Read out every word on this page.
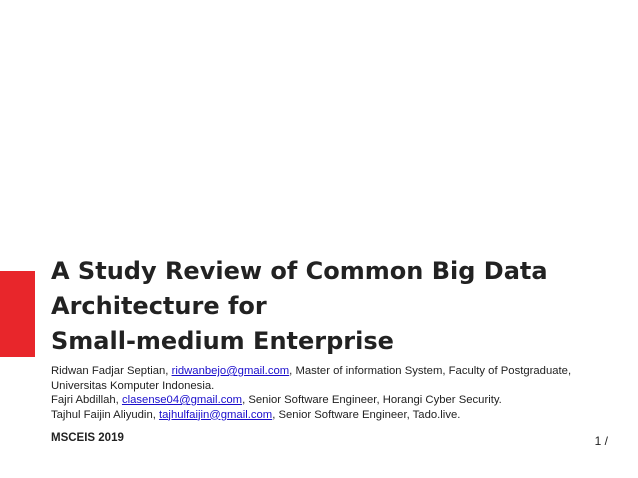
A Study Review of Common Big Data
Architecture for
Small-medium Enterprise
Ridwan Fadjar Septian, ridwanbejo@gmail.com, Master of information System, Faculty of Postgraduate,
Universitas Komputer Indonesia.
Fajri Abdillah, clasense04@gmail.com, Senior Software Engineer, Horangi Cyber Security.
Tajhul Faijin Aliyudin, tajhulfaijin@gmail.com, Senior Software Engineer, Tado.live.
MSCEIS 2019	1 /
